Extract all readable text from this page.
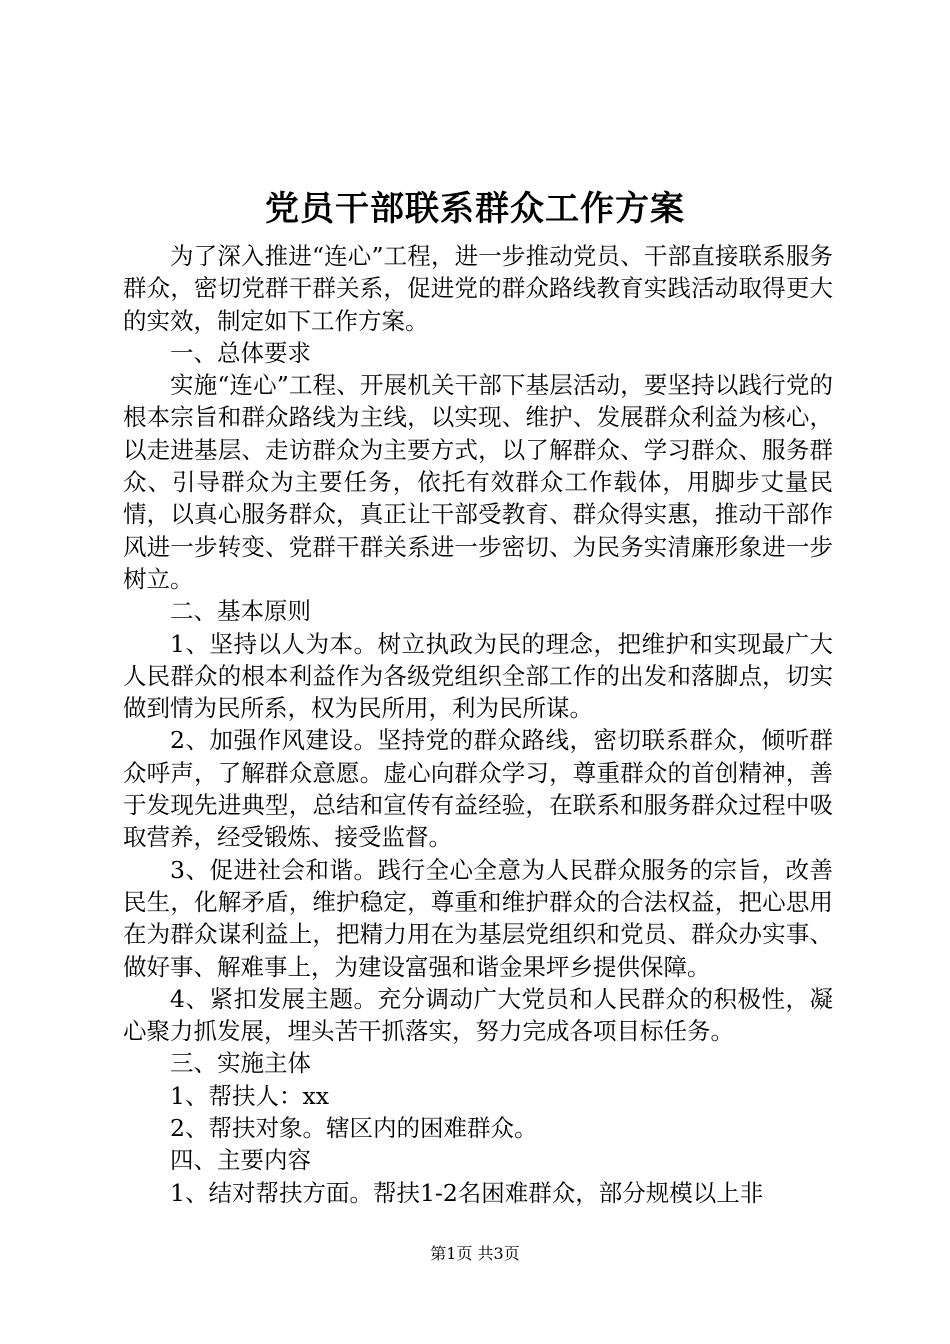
党员干部联系群众工作方案

为了深入推进“连心”工程，进一步推动党员、干部直接联系服务群众，密切党群干群关系，促进党的群众路线教育实践活动取得更大的实效，制定如下工作方案。

一、总体要求

实施“连心”工程、开展机关干部下基层活动，要坚持以践行党的根本宗旨和群众路线为主线，以实现、维护、发展群众利益为核心，以走进基层、走访群众为主要方式，以了解群众、学习群众、服务群众、引导群众为主要任务，依托有效群众工作载体，用脚步丈量民情，以真心服务群众，真正让干部受教育、群众得实惠，推动干部作风进一步转变、党群干群关系进一步密切、为民务实清廉形象进一步树立。

二、基本原则

1、坚持以人为本。树立执政为民的理念，把维护和实现最广大人民群众的根本利益作为各级党组织全部工作的出发和落脚点，切实做到情为民所系，权为民所用，利为民所谋。

2、加强作风建设。坚持党的群众路线，密切联系群众，倾听群众呼声，了解群众意愿。虚心向群众学习，尊重群众的首创精神，善于发现先进典型，总结和宣传有益经验，在联系和服务群众过程中吸取营养，经受锻炼、接受监督。

3、促进社会和谐。践行全心全意为人民群众服务的宗旨，改善民生，化解矛盾，维护稳定，尊重和维护群众的合法权益，把心思用在为群众谋利益上，把精力用在为基层党组织和党员、群众办实事、做好事、解难事上，为建设富强和谐金果坪乡提供保障。

4、紧扣发展主题。充分调动广大党员和人民群众的积极性，凝心聚力抓发展，埋头苦干抓落实，努力完成各项目标任务。

三、实施主体

1、帮扶人：xx

2、帮扶对象。辖区内的困难群众。

四、主要内容

1、结对帮扶方面。帮扶1-2名困难群众，部分规模以上非

第1页 共3页
